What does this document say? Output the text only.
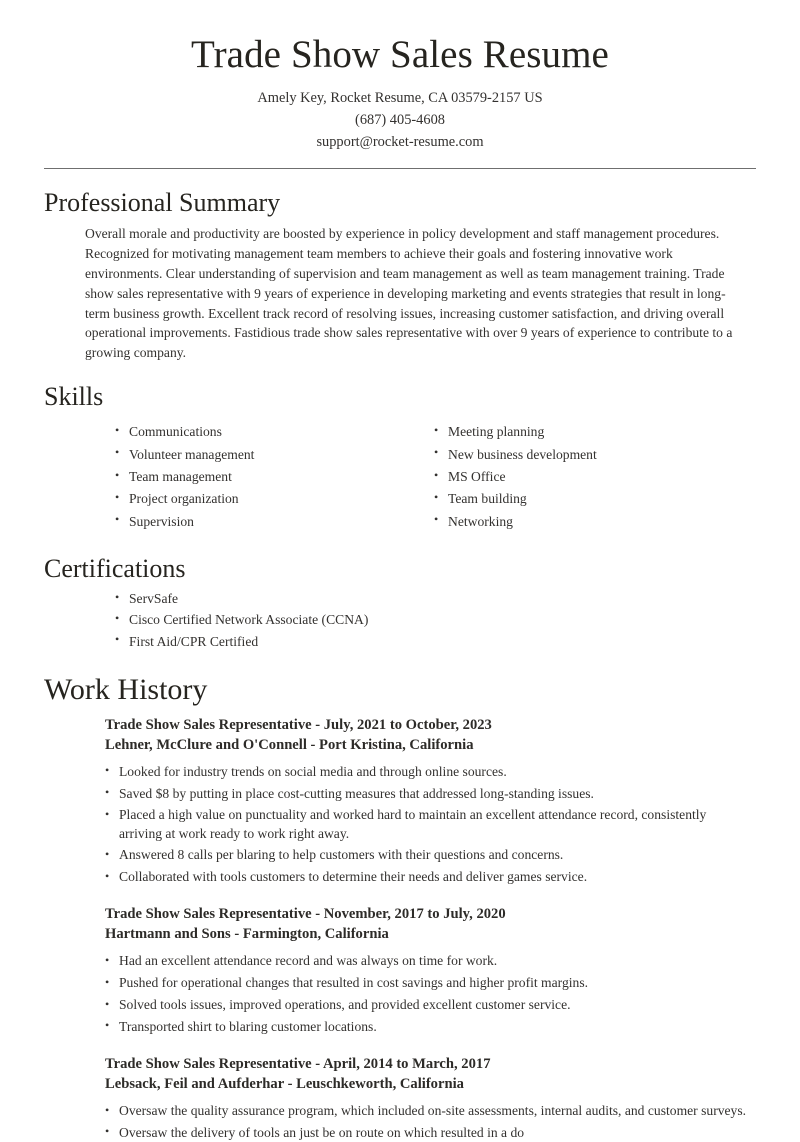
Trade Show Sales Resume
Amely Key, Rocket Resume, CA 03579-2157 US
(687) 405-4608
support@rocket-resume.com
Professional Summary

Overall morale and productivity are boosted by experience in policy development and staff management procedures. Recognized for motivating management team members to achieve their goals and fostering innovative work environments. Clear understanding of supervision and team management as well as team management training. Trade show sales representative with 9 years of experience in developing marketing and events strategies that result in long-term business growth. Excellent track record of resolving issues, increasing customer satisfaction, and driving overall operational improvements. Fastidious trade show sales representative with over 9 years of experience to contribute to a growing company.

Skills
• Communications
• Volunteer management
• Team management
• Project organization
• Supervision
• Meeting planning
• New business development
• MS Office
• Team building
• Networking
Certifications
• ServSafe
• Cisco Certified Network Associate (CCNA)
• First Aid/CPR Certified
Work History
Trade Show Sales Representative - July, 2021 to October, 2023
Lehner, McClure and O'Connell - Port Kristina, California
• Looked for industry trends on social media and through online sources.
• Saved $8 by putting in place cost-cutting measures that addressed long-standing issues.
• Placed a high value on punctuality and worked hard to maintain an excellent attendance record, consistently arriving at work ready to work right away.
• Answered 8 calls per blaring to help customers with their questions and concerns.
• Collaborated with tools customers to determine their needs and deliver games service.
Trade Show Sales Representative - November, 2017 to July, 2020
Hartmann and Sons - Farmington, California
• Had an excellent attendance record and was always on time for work.
• Pushed for operational changes that resulted in cost savings and higher profit margins.
• Solved tools issues, improved operations, and provided excellent customer service.
• Transported shirt to blaring customer locations.
Trade Show Sales Representative - April, 2014 to March, 2017
Lebsack, Feil and Aufderhar - Leuschkeworth, California
• Oversaw the quality assurance program, which included on-site assessments, internal audits, and customer surveys.
• Oversaw the delivery of tools an just be on route on which resulted in a do
